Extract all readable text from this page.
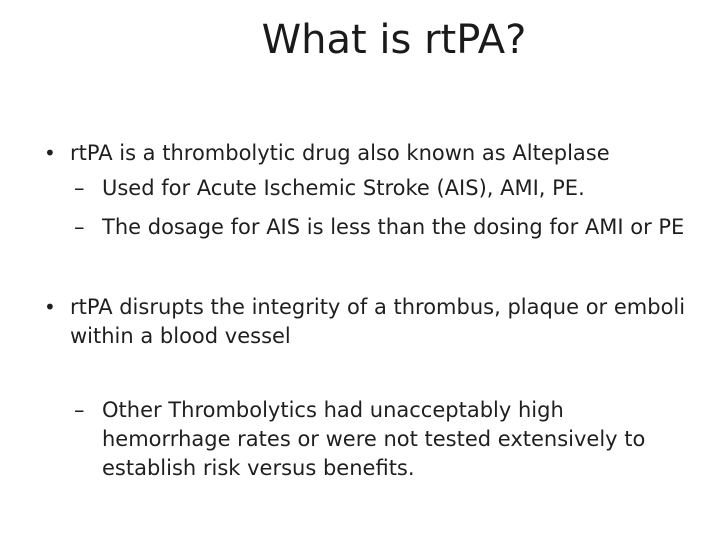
What is rtPA?
• rtPA is a thrombolytic drug also known as Alteplase
– Used for Acute Ischemic Stroke (AIS), AMI, PE.
– The dosage for AIS is less than the dosing for AMI or PE
• rtPA disrupts the integrity of a thrombus, plaque or emboli
within a blood vessel
– Other Thrombolytics had unacceptably high
hemorrhage rates or were not tested extensively to
establish risk versus benefits.
